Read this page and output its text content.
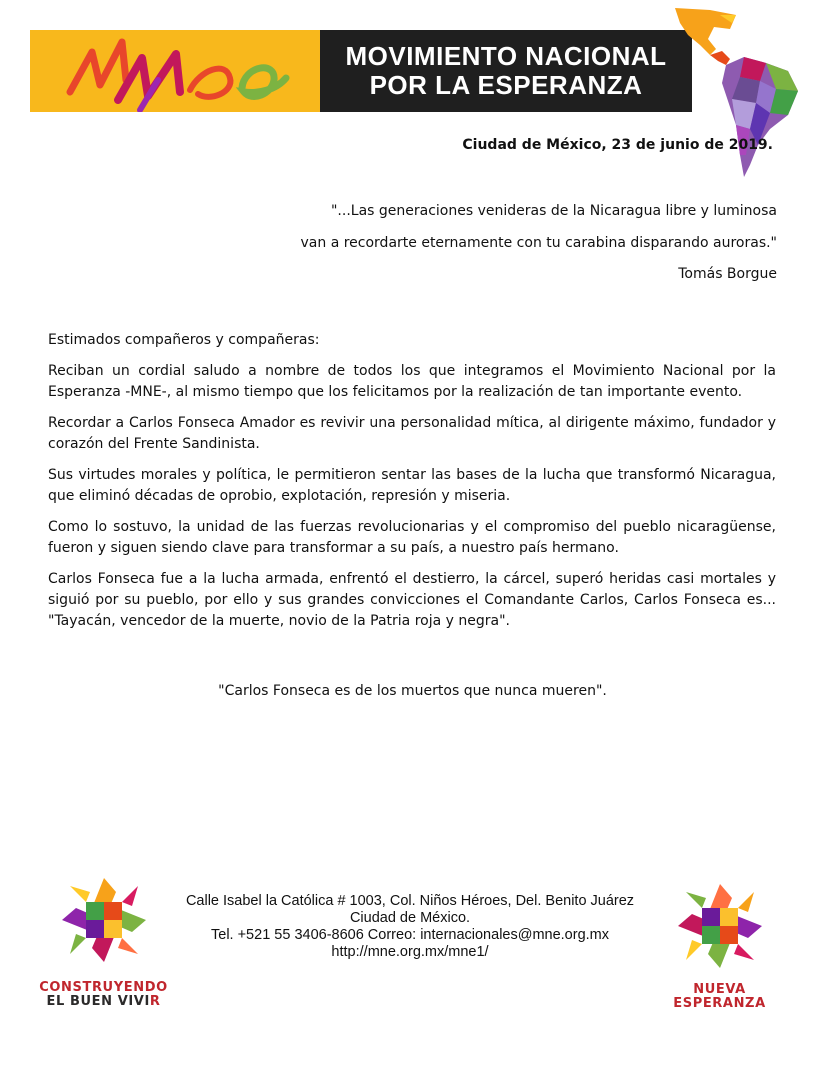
MNE
MOVIMIENTO NACIONAL
POR LA ESPERANZA
Ciudad de México, 23 de junio de 2019.
"...Las generaciones venideras de la Nicaragua libre y luminosa
van a recordarte eternamente con tu carabina disparando auroras."
Tomás Borgue
Estimados compañeros y compañeras:

Reciban un cordial saludo a nombre de todos los que integramos el Movimiento Nacional por la Esperanza -MNE-, al mismo tiempo que los felicitamos por la realización de tan importante evento.

Recordar a Carlos Fonseca Amador es revivir una personalidad mítica, al dirigente máximo, fundador y corazón del Frente Sandinista.

Sus virtudes morales y política, le permitieron sentar las bases de la lucha que transformó Nicaragua, que eliminó décadas de oprobio, explotación, represión y miseria.

Como lo sostuvo, la unidad de las fuerzas revolucionarias y el compromiso del pueblo nicaragüense, fueron y siguen siendo clave para transformar a su país, a nuestro país hermano.

Carlos Fonseca fue a la lucha armada, enfrentó el destierro, la cárcel, superó heridas casi mortales y siguió por su pueblo, por ello y sus grandes convicciones el Comandante Carlos, Carlos Fonseca es... "Tayacán, vencedor de la muerte, novio de la Patria roja y negra".

"Carlos Fonseca es de los muertos que nunca mueren".
CONSTRUYENDO
EL BUEN VIVIR
Calle Isabel la Católica # 1003, Col. Niños Héroes, Del. Benito Juárez
Ciudad de México.
Tel. +521 55 3406-8606 Correo: internacionales@mne.org.mx
http://mne.org.mx/mne1/
NUEVA
ESPERANZA
